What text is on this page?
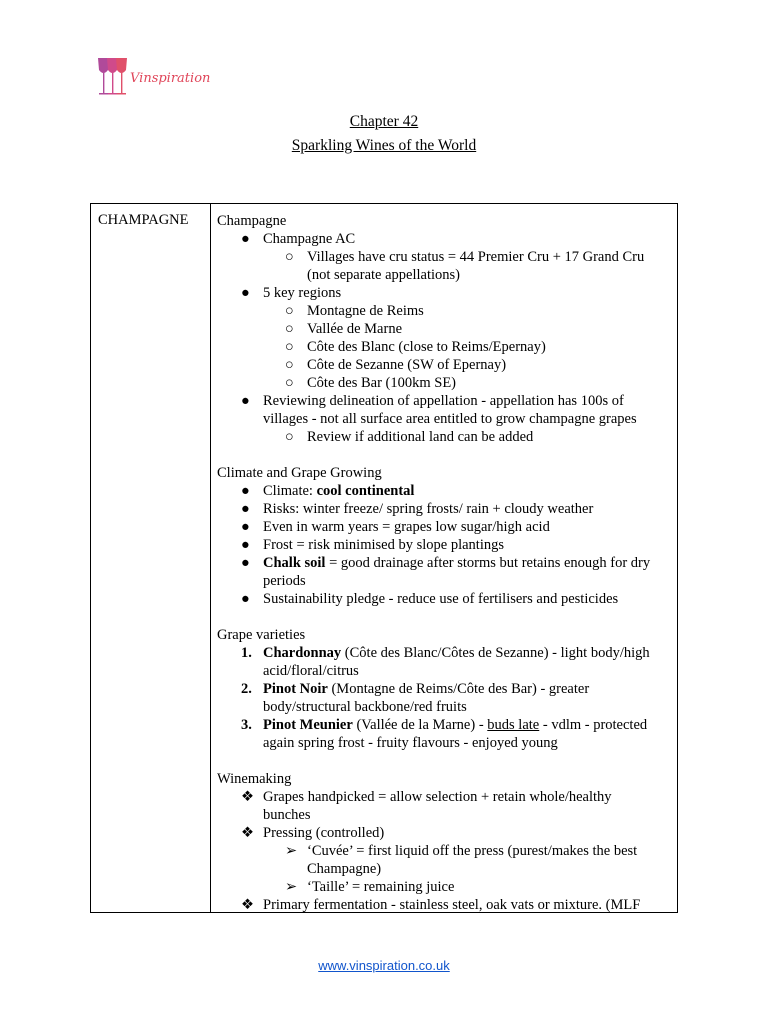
Vinspiration
Chapter 42
Sparkling Wines of the World
CHAMPAGNE Champagne
● Champagne AC
○ Villages have cru status = 44 Premier Cru + 17 Grand Cru
(not separate appellations)
● 5 key regions
○ Montagne de Reims
○ Vallée de Marne
○ Côte des Blanc (close to Reims/Epernay)
○ Côte de Sezanne (SW of Epernay)
○ Côte des Bar (100km SE)
● Reviewing delineation of appellation - appellation has 100s of
villages - not all surface area entitled to grow champagne grapes
○ Review if additional land can be added
Climate and Grape Growing
● Climate: cool continental
● Risks: winter freeze/ spring frosts/ rain + cloudy weather
● Even in warm years = grapes low sugar/high acid
● Frost = risk minimised by slope plantings
● Chalk soil = good drainage after storms but retains enough for dry
periods
● Sustainability pledge - reduce use of fertilisers and pesticides
Grape varieties
1. Chardonnay (Côte des Blanc/Côtes de Sezanne) - light body/high
acid/floral/citrus
2. Pinot Noir (Montagne de Reims/Côte des Bar) - greater
body/structural backbone/red fruits
3. Pinot Meunier (Vallée de la Marne) - buds late - vdlm - protected
again spring frost - fruity flavours - enjoyed young
Winemaking
❖ Grapes handpicked = allow selection + retain whole/healthy
bunches
❖ Pressing (controlled)
➢ ‘Cuvée’ = first liquid off the press (purest/makes the best
Champagne)
➢ ‘Taille’ = remaining juice
❖ Primary fermentation - stainless steel, oak vats or mixture. (MLF
www.vinspiration.co.uk
